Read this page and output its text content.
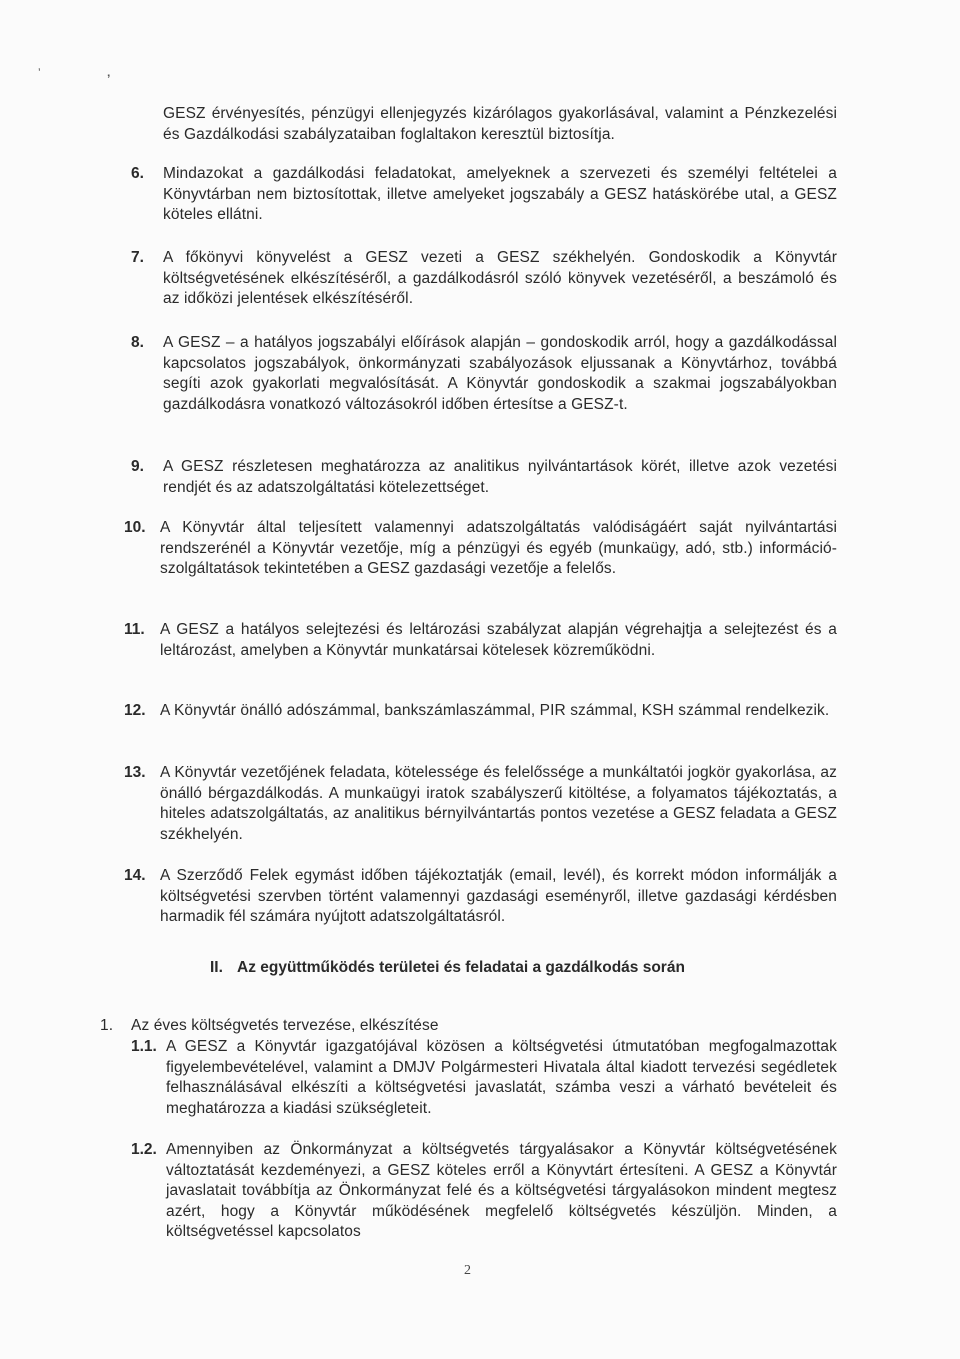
ʼ	’
GESZ érvényesítés, pénzügyi ellenjegyzés kizárólagos gyakorlásával, valamint a Pénzkezelési és Gazdálkodási szabályzataiban foglaltakon keresztül biztosítja.
6. Mindazokat a gazdálkodási feladatokat, amelyeknek a szervezeti és személyi feltételei a Könyvtárban nem biztosítottak, illetve amelyeket jogszabály a GESZ hatáskörébe utal, a GESZ köteles ellátni.
7. A főkönyvi könyvelést a GESZ vezeti a GESZ székhelyén. Gondoskodik a Könyvtár költségvetésének elkészítéséről, a gazdálkodásról szóló könyvek vezetéséről, a beszámoló és az időközi jelentések elkészítéséről.
8. A GESZ – a hatályos jogszabályi előírások alapján – gondoskodik arról, hogy a gazdálkodással kapcsolatos jogszabályok, önkormányzati szabályozások eljussanak a Könyvtárhoz, továbbá segíti azok gyakorlati megvalósítását. A Könyvtár gondoskodik a szakmai jogszabályokban gazdálkodásra vonatkozó változásokról időben értesítse a GESZ-t.
9. A GESZ részletesen meghatározza az analitikus nyilvántartások körét, illetve azok vezetési rendjét és az adatszolgáltatási kötelezettséget.
10. A Könyvtár által teljesített valamennyi adatszolgáltatás valódiságáért saját nyilvántartási rendszerénél a Könyvtár vezetője, míg a pénzügyi és egyéb (munkaügy, adó, stb.) információ-szolgáltatások tekintetében a GESZ gazdasági vezetője a felelős.
11. A GESZ a hatályos selejtezési és leltározási szabályzat alapján végrehajtja a selejtezést és a leltározást, amelyben a Könyvtár munkatársai kötelesek közreműködni.
12. A Könyvtár önálló adószámmal, bankszámlaszámmal, PIR számmal, KSH számmal rendelkezik.
13. A Könyvtár vezetőjének feladata, kötelessége és felelőssége a munkáltatói jogkör gyakorlása, az önálló bérgazdálkodás. A munkaügyi iratok szabályszerű kitöltése, a folyamatos tájékoztatás, a hiteles adatszolgáltatás, az analitikus bérnyilvántartás pontos vezetése a GESZ feladata a GESZ székhelyén.
14. A Szerződő Felek egymást időben tájékoztatják (email, levél), és korrekt módon informálják a költségvetési szervben történt valamennyi gazdasági eseményről, illetve gazdasági kérdésben harmadik fél számára nyújtott adatszolgáltatásról.
II. Az együttműködés területei és feladatai a gazdálkodás során
1. Az éves költségvetés tervezése, elkészítése
1.1. A GESZ a Könyvtár igazgatójával közösen a költségvetési útmutatóban megfogalmazottak figyelembevételével, valamint a DMJV Polgármesteri Hivatala által kiadott tervezési segédletek felhasználásával elkészíti a költségvetési javaslatát, számba veszi a várható bevételeit és meghatározza a kiadási szükségleteit.
1.2. Amennyiben az Önkormányzat a költségvetés tárgyalásakor a Könyvtár költségvetésének változtatását kezdeményezi, a GESZ köteles erről a Könyvtárt értesíteni. A GESZ a Könyvtár javaslatait továbbítja az Önkormányzat felé és a költségvetési tárgyalásokon mindent megtesz azért, hogy a Könyvtár működésének megfelelő költségvetés készüljön. Minden, a költségvetéssel kapcsolatos
2
